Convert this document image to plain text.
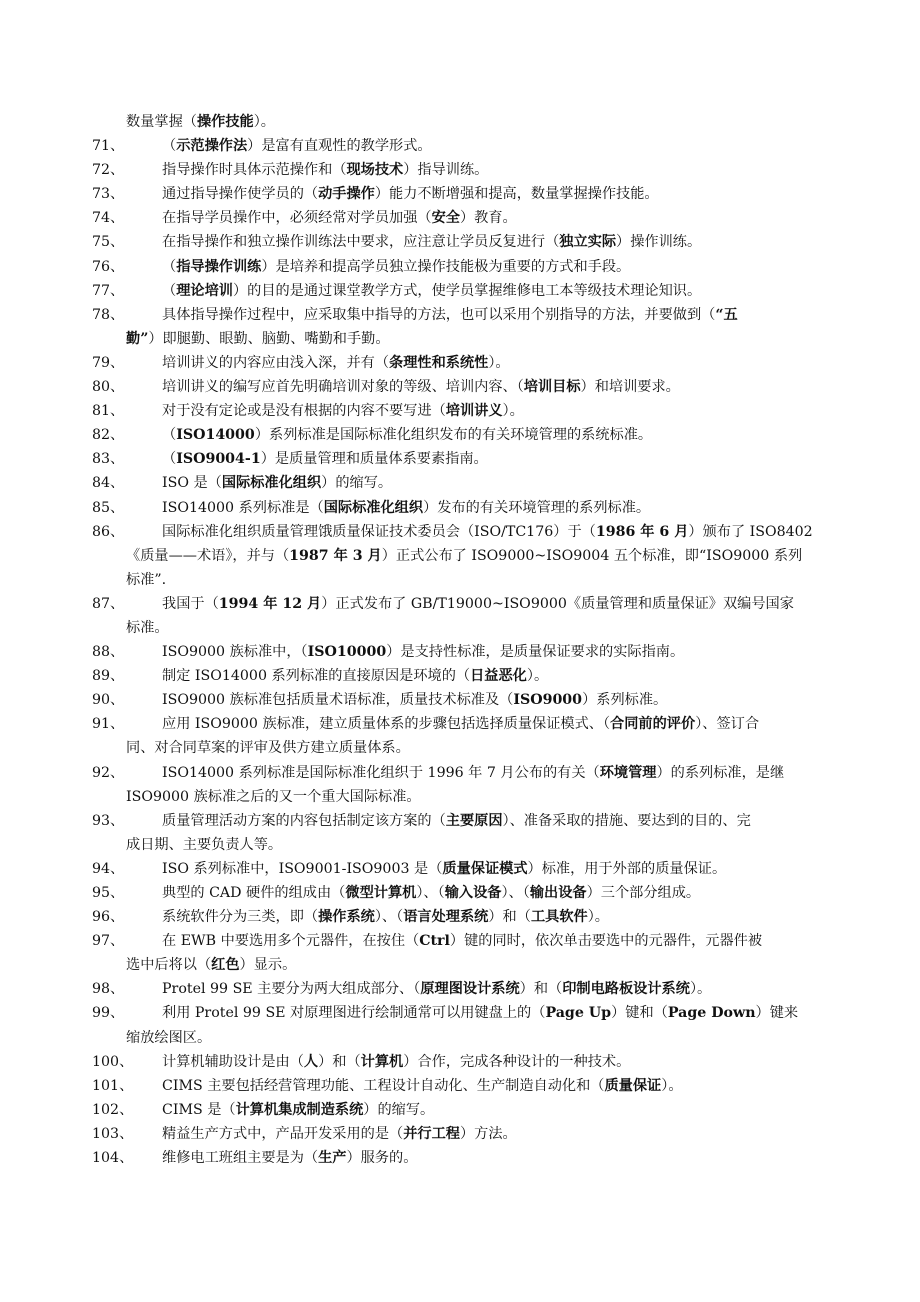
数量掌握（操作技能）。
71、	（示范操作法）是富有直观性的教学形式。
72、	指导操作时具体示范操作和（现场技术）指导训练。
73、	通过指导操作使学员的（动手操作）能力不断增强和提高，数量掌握操作技能。
74、	在指导学员操作中，必须经常对学员加强（安全）教育。
75、	在指导操作和独立操作训练法中要求，应注意让学员反复进行（独立实际）操作训练。
76、	（指导操作训练）是培养和提高学员独立操作技能极为重要的方式和手段。
77、	（理论培训）的目的是通过课堂教学方式，使学员掌握维修电工本等级技术理论知识。
78、	具体指导操作过程中，应采取集中指导的方法，也可以采用个别指导的方法，并要做到（“五
勤”）即腿勤、眼勤、脑勤、嘴勤和手勤。
79、	培训讲义的内容应由浅入深，并有（条理性和系统性）。
80、	培训讲义的编写应首先明确培训对象的等级、培训内容、（培训目标）和培训要求。
81、	对于没有定论或是没有根据的内容不要写进（培训讲义）。
82、	（ISO14000）系列标准是国际标准化组织发布的有关环境管理的系统标准。
83、	（ISO9004-1）是质量管理和质量体系要素指南。
84、	ISO 是（国际标准化组织）的缩写。
85、	ISO14000 系列标准是（国际标准化组织）发布的有关环境管理的系列标准。
86、	国际标准化组织质量管理饿质量保证技术委员会（ISO/TC176）于（1986 年 6 月）颁布了 ISO8402
《质量——术语》，并与（1987 年 3 月）正式公布了 ISO9000~ISO9004 五个标准，即“ISO9000 系列
标准”.
87、	我国于（1994 年 12 月）正式发布了 GB/T19000~ISO9000《质量管理和质量保证》双编号国家
标准。
88、	ISO9000 族标准中，（ISO10000）是支持性标准，是质量保证要求的实际指南。
89、	制定 ISO14000 系列标准的直接原因是环境的（日益恶化）。
90、	ISO9000 族标准包括质量术语标准，质量技术标准及（ISO9000）系列标准。
91、	应用 ISO9000 族标准，建立质量体系的步骤包括选择质量保证模式、（合同前的评价）、签订合
同、对合同草案的评审及供方建立质量体系。
92、	ISO14000 系列标准是国际标准化组织于 1996 年 7 月公布的有关（环境管理）的系列标准，是继
ISO9000 族标准之后的又一个重大国际标准。
93、	质量管理活动方案的内容包括制定该方案的（主要原因）、准备采取的措施、要达到的目的、完
成日期、主要负责人等。
94、	ISO 系列标准中，ISO9001-ISO9003 是（质量保证模式）标准，用于外部的质量保证。
95、	典型的 CAD 硬件的组成由（微型计算机）、（输入设备）、（输出设备）三个部分组成。
96、	系统软件分为三类，即（操作系统）、（语言处理系统）和（工具软件）。
97、	在 EWB 中要选用多个元器件，在按住（Ctrl）键的同时，依次单击要选中的元器件，元器件被
选中后将以（红色）显示。
98、	Protel 99 SE 主要分为两大组成部分、（原理图设计系统）和（印制电路板设计系统）。
99、	利用 Protel 99 SE 对原理图进行绘制通常可以用键盘上的（Page Up）键和（Page Down）键来
缩放绘图区。
100、	计算机辅助设计是由（人）和（计算机）合作，完成各种设计的一种技术。
101、	CIMS 主要包括经营管理功能、工程设计自动化、生产制造自动化和（质量保证）。
102、	CIMS 是（计算机集成制造系统）的缩写。
103、	精益生产方式中，产品开发采用的是（并行工程）方法。
104、	维修电工班组主要是为（生产）服务的。
